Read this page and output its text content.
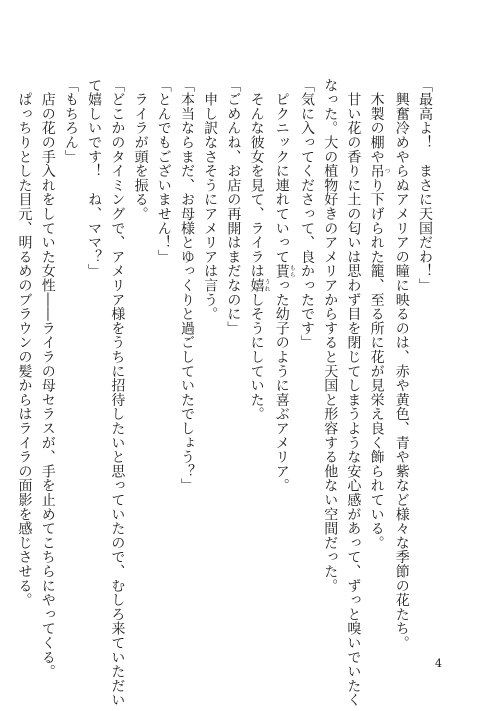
「最高よ！　まさに天国だわ！」
　興奮冷めやらぬアメリアの瞳に映るのは、赤や黄色、青や紫など様々な季節の花たち。
　木製の棚や吊つり下げられた籠、至る所に花が見栄え良く飾られている。
　甘い花の香りに土の匂いは思わず目を閉じてしまうような安心感があって、ずっと嗅いでいたく
なった。大の植物好きのアメリアからすると天国と形容する他ない空間だった。
「気に入ってくださって、良かったです」
　ピクニックに連れていって貰もらった幼子のように喜ぶアメリア。
　そんな彼女を見て、ライラは嬉うれしそうにしていた。
「ごめんね、お店の再開はまだなのに」
　申し訳なさそうにアメリアは言う。
「本当ならまだ、お母様とゆっくりと過ごしていたでしょう？」
「とんでもございません！」
　ライラが頭を振る。
「どこかのタイミングで、アメリア様をうちに招待したいと思っていたので、むしろ来ていただい
て嬉しいです！　ね、ママ？」
「もちろん」
　店の花の手入れをしていた女性――ライラの母セラスが、手を止めてこちらにやってくる。
　ぱっちりとした目元、明るめのブラウンの髪からはライラの面影を感じさせる。
4
